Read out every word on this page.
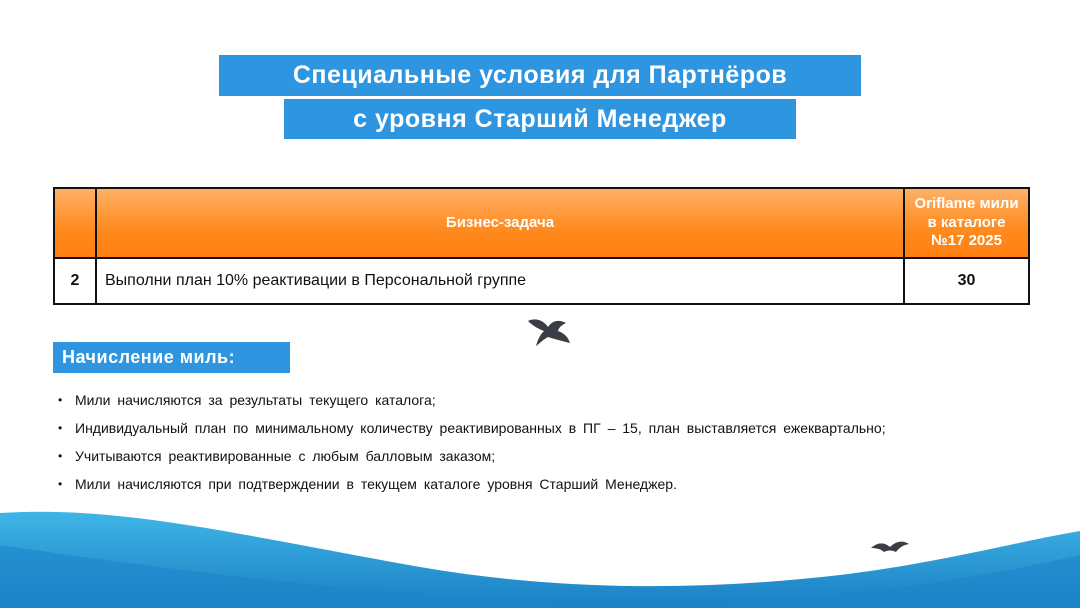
Специальные условия для Партнёров
с уровня Старший Менеджер
	Бизнес-задача	Oriflame мили
в каталоге
№17 2025

2	Выполни план 10% реактивации в Персональной группе	30
Начисление миль:
• Мили начисляются за результаты текущего каталога;
• Индивидуальный план по минимальному количеству реактивированных в ПГ – 15, план выставляется ежеквартально;
• Учитываются реактивированные с любым балловым заказом;
• Мили начисляются при подтверждении в текущем каталоге уровня Старший Менеджер.
